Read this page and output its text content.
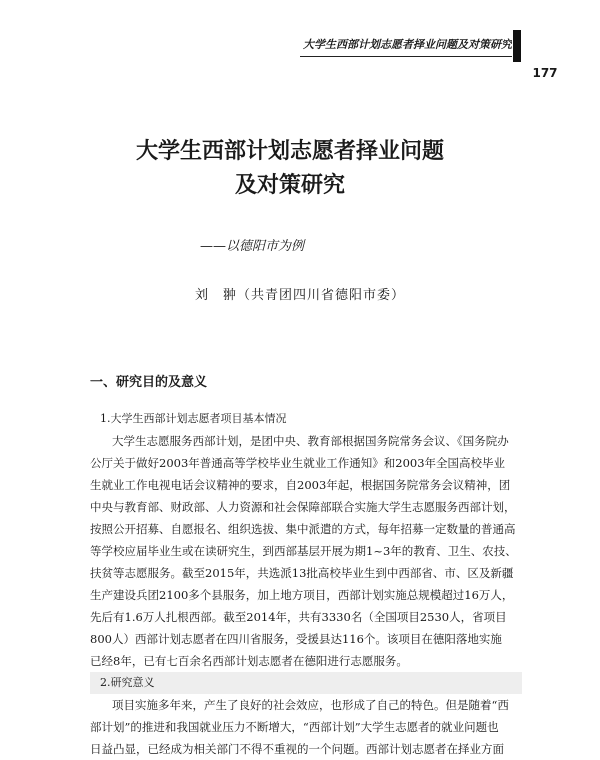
大学生西部计划志愿者择业问题及对策研究
177
大学生西部计划志愿者择业问题
及对策研究
——以德阳市为例
刘　翀（共青团四川省德阳市委）
一、研究目的及意义
1.大学生西部计划志愿者项目基本情况
大学生志愿服务西部计划，是团中央、教育部根据国务院常务会议、《国务院办
公厅关于做好2003年普通高等学校毕业生就业工作通知》和2003年全国高校毕业
生就业工作电视电话会议精神的要求，自2003年起，根据国务院常务会议精神，团
中央与教育部、财政部、人力资源和社会保障部联合实施大学生志愿服务西部计划，
按照公开招募、自愿报名、组织选拔、集中派遣的方式，每年招募一定数量的普通高
等学校应届毕业生或在读研究生，到西部基层开展为期1~3年的教育、卫生、农技、
扶贫等志愿服务。截至2015年，共选派13批高校毕业生到中西部省、市、区及新疆
生产建设兵团2100多个县服务，加上地方项目，西部计划实施总规模超过16万人，
先后有1.6万人扎根西部。截至2014年，共有3330名（全国项目2530人，省项目
800人）西部计划志愿者在四川省服务，受援县达116个。该项目在德阳落地实施
已经8年，已有七百余名西部计划志愿者在德阳进行志愿服务。
2.研究意义
项目实施多年来，产生了良好的社会效应，也形成了自己的特色。但是随着“西
部计划”的推进和我国就业压力不断增大，“西部计划”大学生志愿者的就业问题也
日益凸显，已经成为相关部门不得不重视的一个问题。西部计划志愿者在择业方面
